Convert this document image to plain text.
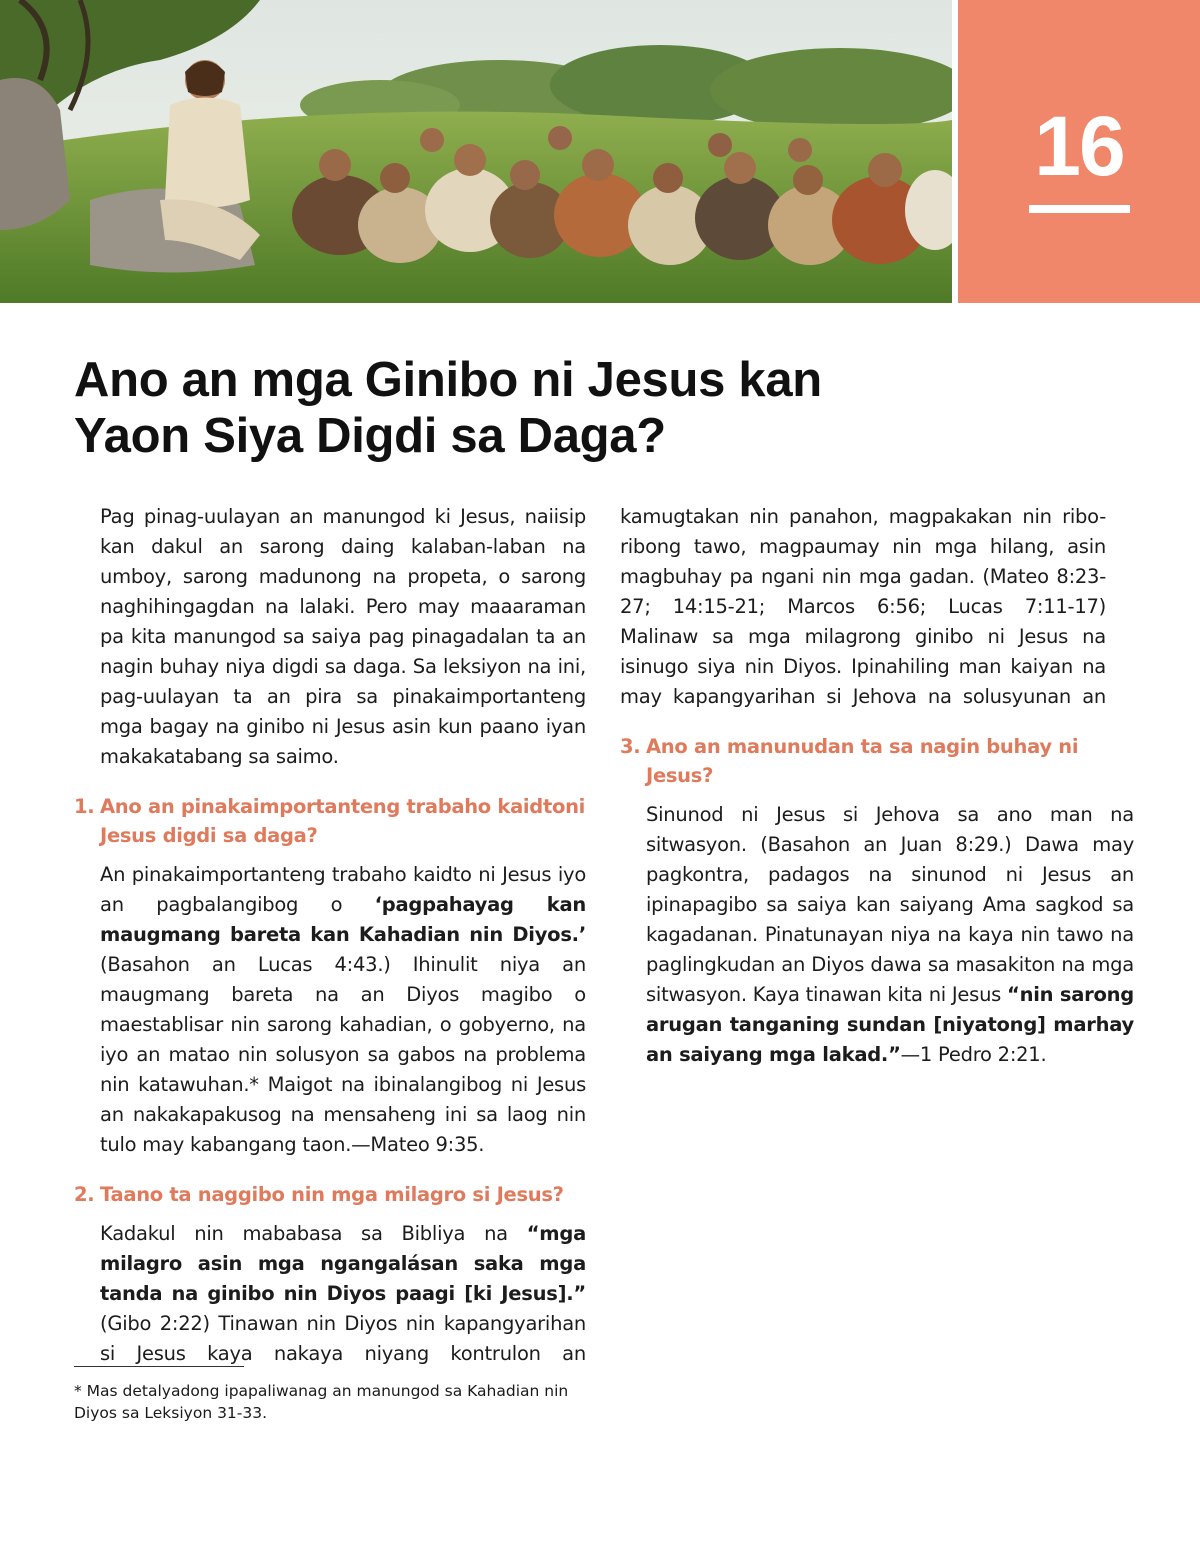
16
Ano an mga Ginibo ni Jesus kan
Yaon Siya Digdi sa Daga?

Pag pinag-uulayan an manungod ki Jesus, naiisip kan dakul an sarong daing kalaban-laban na umboy, sarong madunong na propeta, o sarong naghihingagdan na lalaki. Pero may maaaraman pa kita manungod sa saiya pag pinagadalan ta an nagin buhay niya digdi sa daga. Sa leksiyon na ini, pag-uulayan ta an pira sa pinakaimportanteng mga bagay na ginibo ni Jesus asin kun paano iyan makakatabang sa saimo.

1. Ano an pinakaimportanteng trabaho kaidtoni Jesus digdi sa daga?

An pinakaimportanteng trabaho kaidto ni Jesus iyo an pagbalangibog o ‘pagpahayag kan maugmang bareta kan Kahadian nin Diyos.’ (Basahon an Lucas 4:43.) Ihinulit niya an maugmang bareta na an Diyos magibo o maestablisar nin sarong kahadian, o gobyerno, na iyo an matao nin solusyon sa gabos na problema nin katawuhan.* Maigot na ibinalangibog ni Jesus an nakakapakusog na mensaheng ini sa laog nin tulo may kabangang taon.—Mateo 9:35.

2. Taano ta naggibo nin mga milagro si Jesus?

Kadakul nin mababasa sa Bibliya na “mga milagro asin mga ngangalásan saka mga tanda na ginibo nin Diyos paagi [ki Jesus].” (Gibo 2:22) Tinawan nin Diyos nin kapangyarihan si Jesus kaya nakaya niyang kontrulon an

kamugtakan nin panahon, magpakakan nin ribo-ribong tawo, magpaumay nin mga hilang, asin magbuhay pa ngani nin mga gadan. (Mateo 8:23-27; 14:15-21; Marcos 6:56; Lucas 7:11-17) Malinaw sa mga milagrong ginibo ni Jesus na isinugo siya nin Diyos. Ipinahiling man kaiyan na may kapangyarihan si Jehova na solusyunan an

3. Ano an manunudan ta sa nagin buhay ni Jesus?

Sinunod ni Jesus si Jehova sa ano man na sitwasyon. (Basahon an Juan 8:29.) Dawa may pagkontra, padagos na sinunod ni Jesus an ipinapagibo sa saiya kan saiyang Ama sagkod sa kagadanan. Pinatunayan niya na kaya nin tawo na paglingkudan an Diyos dawa sa masakiton na mga sitwasyon. Kaya tinawan kita ni Jesus “nin sarong arugan tanganing sundan [niyatong] marhay an saiyang mga lakad.”—1 Pedro 2:21.

* Mas detalyadong ipapaliwanag an manungod sa Kahadian nin Diyos sa Leksiyon 31-33.
